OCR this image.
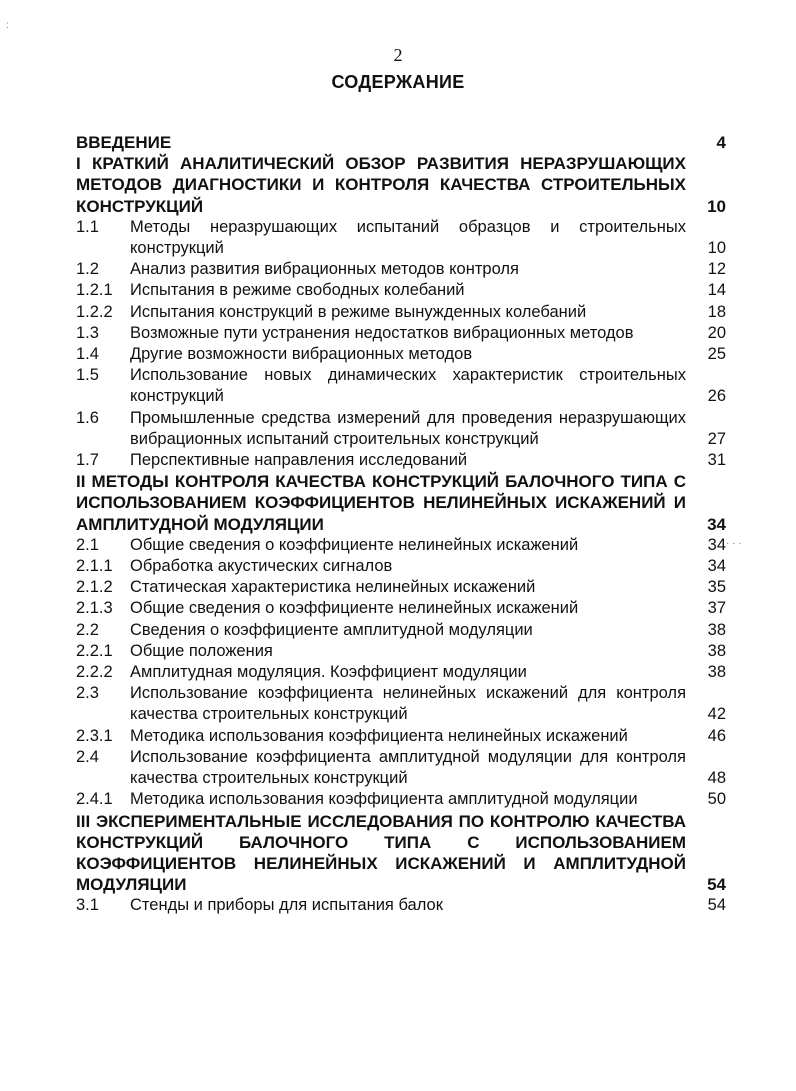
2
СОДЕРЖАНИЕ
ВВЕДЕНИЕ	4
I КРАТКИЙ АНАЛИТИЧЕСКИЙ ОБЗОР РАЗВИТИЯ НЕРАЗРУШАЮЩИХ МЕТОДОВ ДИАГНОСТИКИ И КОНТРОЛЯ КАЧЕСТВА СТРОИТЕЛЬНЫХ КОНСТРУКЦИЙ	10
1.1 Методы неразрушающих испытаний образцов и строительных конструкций	10
1.2 Анализ развития вибрационных методов контроля	12
1.2.1 Испытания в режиме свободных колебаний	14
1.2.2 Испытания конструкций в режиме вынужденных колебаний	18
1.3 Возможные пути устранения недостатков вибрационных методов	20
1.4 Другие возможности вибрационных методов	25
1.5 Использование новых динамических характеристик строительных конструкций	26
1.6 Промышленные средства измерений для проведения неразрушающих вибрационных испытаний строительных конструкций	27
1.7 Перспективные направления исследований	31
II МЕТОДЫ КОНТРОЛЯ КАЧЕСТВА КОНСТРУКЦИЙ БАЛОЧНОГО ТИПА С ИСПОЛЬЗОВАНИЕМ КОЭФФИЦИЕНТОВ НЕЛИНЕЙНЫХ ИСКАЖЕНИЙ И АМПЛИТУДНОЙ МОДУЛЯЦИИ	34
2.1 Общие сведения о коэффициенте нелинейных искажений	34
2.1.1 Обработка акустических сигналов	34
2.1.2 Статическая характеристика нелинейных искажений	35
2.1.3 Общие сведения о коэффициенте нелинейных искажений	37
2.2 Сведения о коэффициенте амплитудной модуляции	38
2.2.1 Общие положения	38
2.2.2 Амплитудная модуляция. Коэффициент модуляции	38
2.3 Использование коэффициента нелинейных искажений для контроля качества строительных конструкций	42
2.3.1 Методика использования коэффициента нелинейных искажений	46
2.4 Использование коэффициента амплитудной модуляции для контроля качества строительных конструкций	48
2.4.1 Методика использования коэффициента амплитудной модуляции	50
III ЭКСПЕРИМЕНТАЛЬНЫЕ ИССЛЕДОВАНИЯ ПО КОНТРОЛЮ КАЧЕСТВА КОНСТРУКЦИЙ БАЛОЧНОГО ТИПА С ИСПОЛЬЗОВАНИЕМ КОЭФФИЦИЕНТОВ НЕЛИНЕЙНЫХ ИСКАЖЕНИЙ И АМПЛИТУДНОЙ МОДУЛЯЦИИ	54
3.1 Стенды и приборы для испытания балок	54
· · ·
:
